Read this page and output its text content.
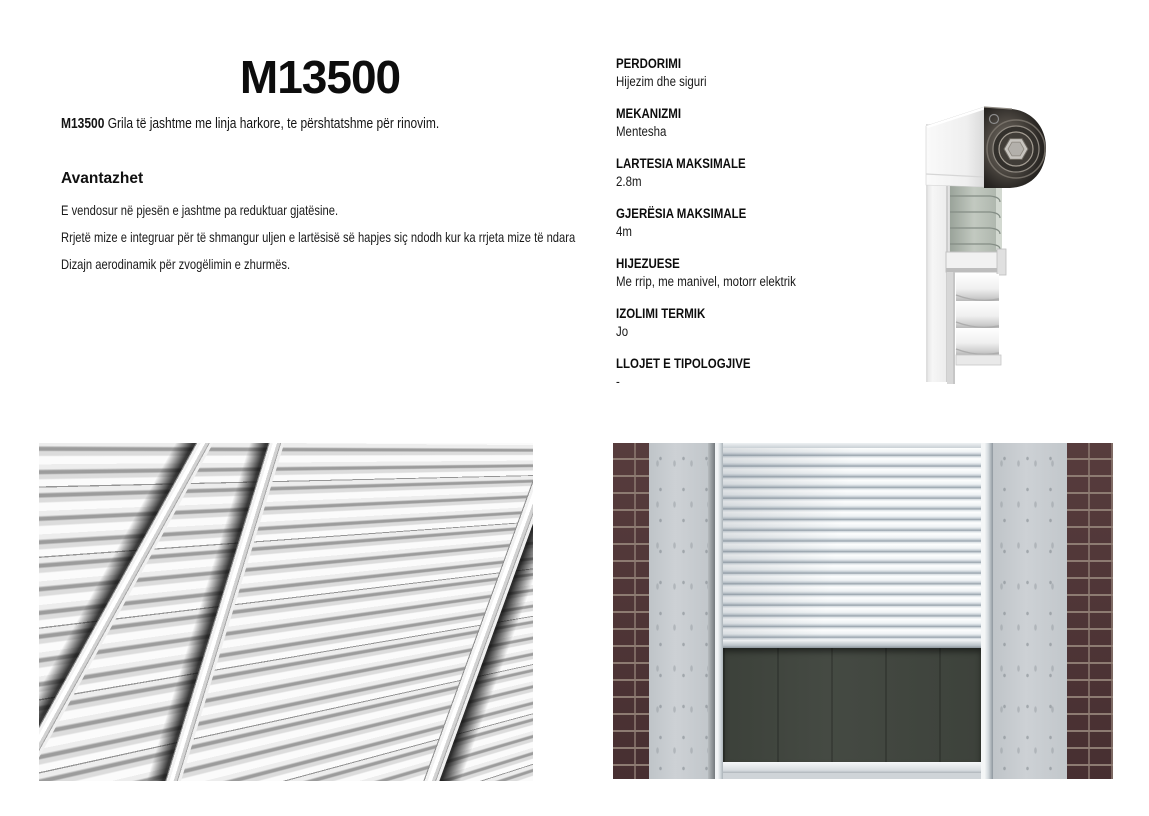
M13500

M13500 Grila të jashtme me linja harkore, te përshtatshme për rinovim.

Avantazhet
E vendosur në pjesën e jashtme pa reduktuar gjatësine.
Rrjetë mize e integruar për të shmangur uljen e lartësisë së hapjes siç ndodh kur ka rrjeta mize të ndara
Dizajn aerodinamik për zvogëlimin e zhurmës.
PERDORIMI
Hijezim dhe siguri
MEKANIZMI
Mentesha
LARTESIA MAKSIMALE
2.8m
GJERËSIA MAKSIMALE
4m
HIJEZUESE
Me rrip, me manivel, motorr elektrik
IZOLIMI TERMIK
Jo
LLOJET E TIPOLOGJIVE
-
